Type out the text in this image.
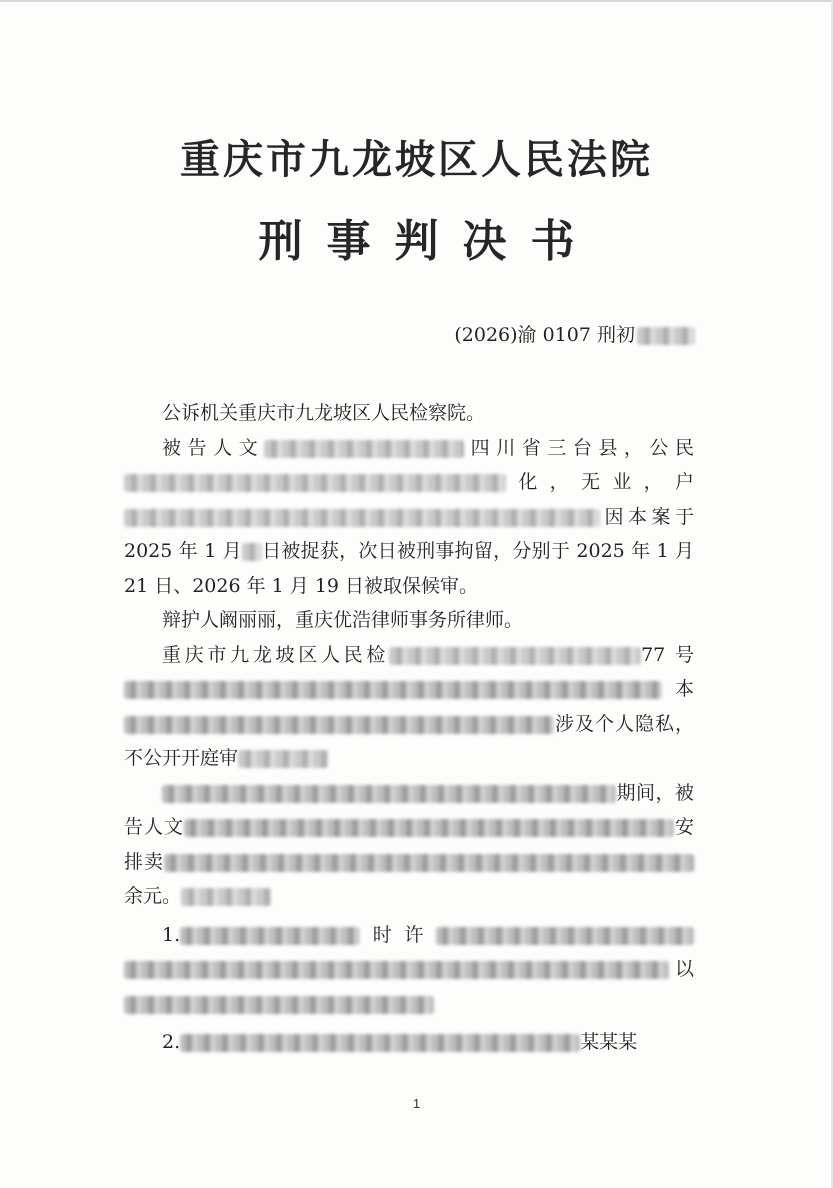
重庆市九龙坡区人民法院
刑事判决书
(2026)渝 0107 刑初

公诉机关重庆市九龙坡区人民检察院。

被告人文	四川省三台县，公民化，无业，户因本案于 2025 年 1 月 日被捉获，次日被刑事拘留，分别于 2025 年 1 月 21 日、2026 年 1 月 19 日被取保候审。

辩护人阚丽丽，重庆优浩律师事务所律师。

重庆市九龙坡区人民检	77 号本涉及个人隐私，不公开开庭审

期间，被告人文	安排卖余元。

1.	时许以

2.	某某某

1
